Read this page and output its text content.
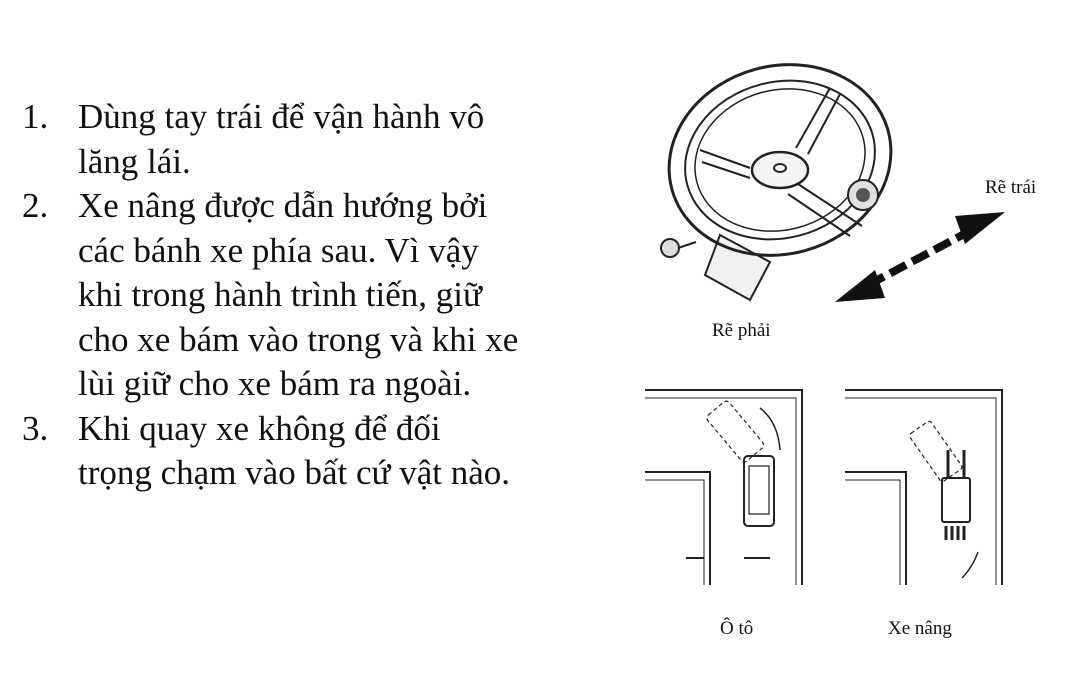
1. Dùng tay trái để vận hành vô lăng lái.
2. Xe nâng được dẫn hướng bởi các bánh xe phía sau. Vì vậy khi trong hành trình tiến, giữ cho xe bám vào trong và khi xe lùi giữ cho xe bám ra ngoài.
3. Khi quay xe không để đối trọng chạm vào bất cứ vật nào.
Rẽ trái
Rẽ phải
Ô tô	Xe nâng
